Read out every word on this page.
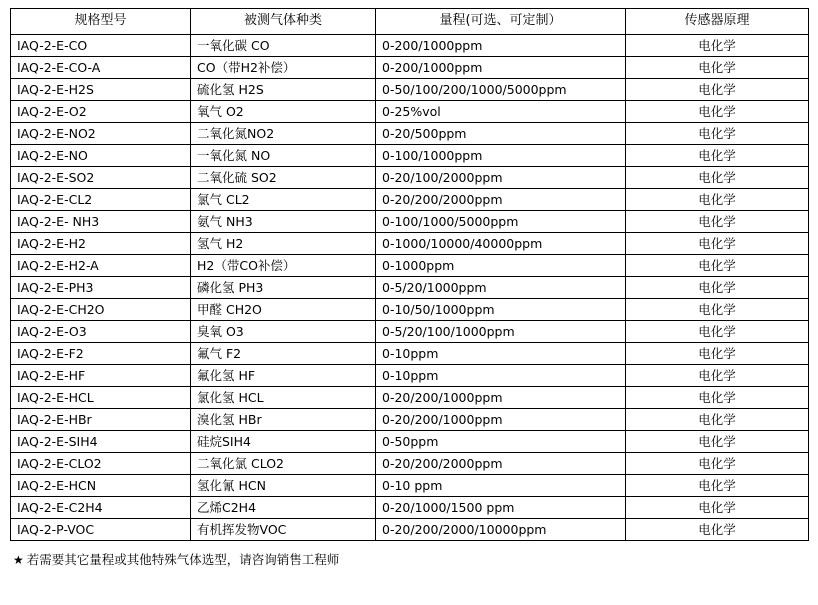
规格型号	被测气体种类	量程(可选、可定制）	传感器原理
IAQ-2-E-CO	一氧化碳 CO	0-200/1000ppm	电化学
IAQ-2-E-CO-A	CO（带H2补偿）	0-200/1000ppm	电化学
IAQ-2-E-H2S	硫化氢 H2S	0-50/100/200/1000/5000ppm	电化学
IAQ-2-E-O2	氧气 O2	0-25%vol	电化学
IAQ-2-E-NO2	二氧化氮NO2	0-20/500ppm	电化学
IAQ-2-E-NO	一氧化氮 NO	0-100/1000ppm	电化学
IAQ-2-E-SO2	二氧化硫 SO2	0-20/100/2000ppm	电化学
IAQ-2-E-CL2	氯气 CL2	0-20/200/2000ppm	电化学
IAQ-2-E- NH3	氨气 NH3	0-100/1000/5000ppm	电化学
IAQ-2-E-H2	氢气 H2	0-1000/10000/40000ppm	电化学
IAQ-2-E-H2-A	H2（带CO补偿）	0-1000ppm	电化学
IAQ-2-E-PH3	磷化氢 PH3	0-5/20/1000ppm	电化学
IAQ-2-E-CH2O	甲醛 CH2O	0-10/50/1000ppm	电化学
IAQ-2-E-O3	臭氧 O3	0-5/20/100/1000ppm	电化学
IAQ-2-E-F2	氟气 F2	0-10ppm	电化学
IAQ-2-E-HF	氟化氢 HF	0-10ppm	电化学
IAQ-2-E-HCL	氯化氢 HCL	0-20/200/1000ppm	电化学
IAQ-2-E-HBr	溴化氢 HBr	0-20/200/1000ppm	电化学
IAQ-2-E-SIH4	硅烷SIH4	0-50ppm	电化学
IAQ-2-E-CLO2	二氧化氯 CLO2	0-20/200/2000ppm	电化学
IAQ-2-E-HCN	氢化氰 HCN	0-10 ppm	电化学
IAQ-2-E-C2H4	乙烯C2H4	0-20/1000/1500 ppm	电化学
IAQ-2-P-VOC	有机挥发物VOC	0-20/200/2000/10000ppm	电化学
★ 若需要其它量程或其他特殊气体选型，请咨询销售工程师
